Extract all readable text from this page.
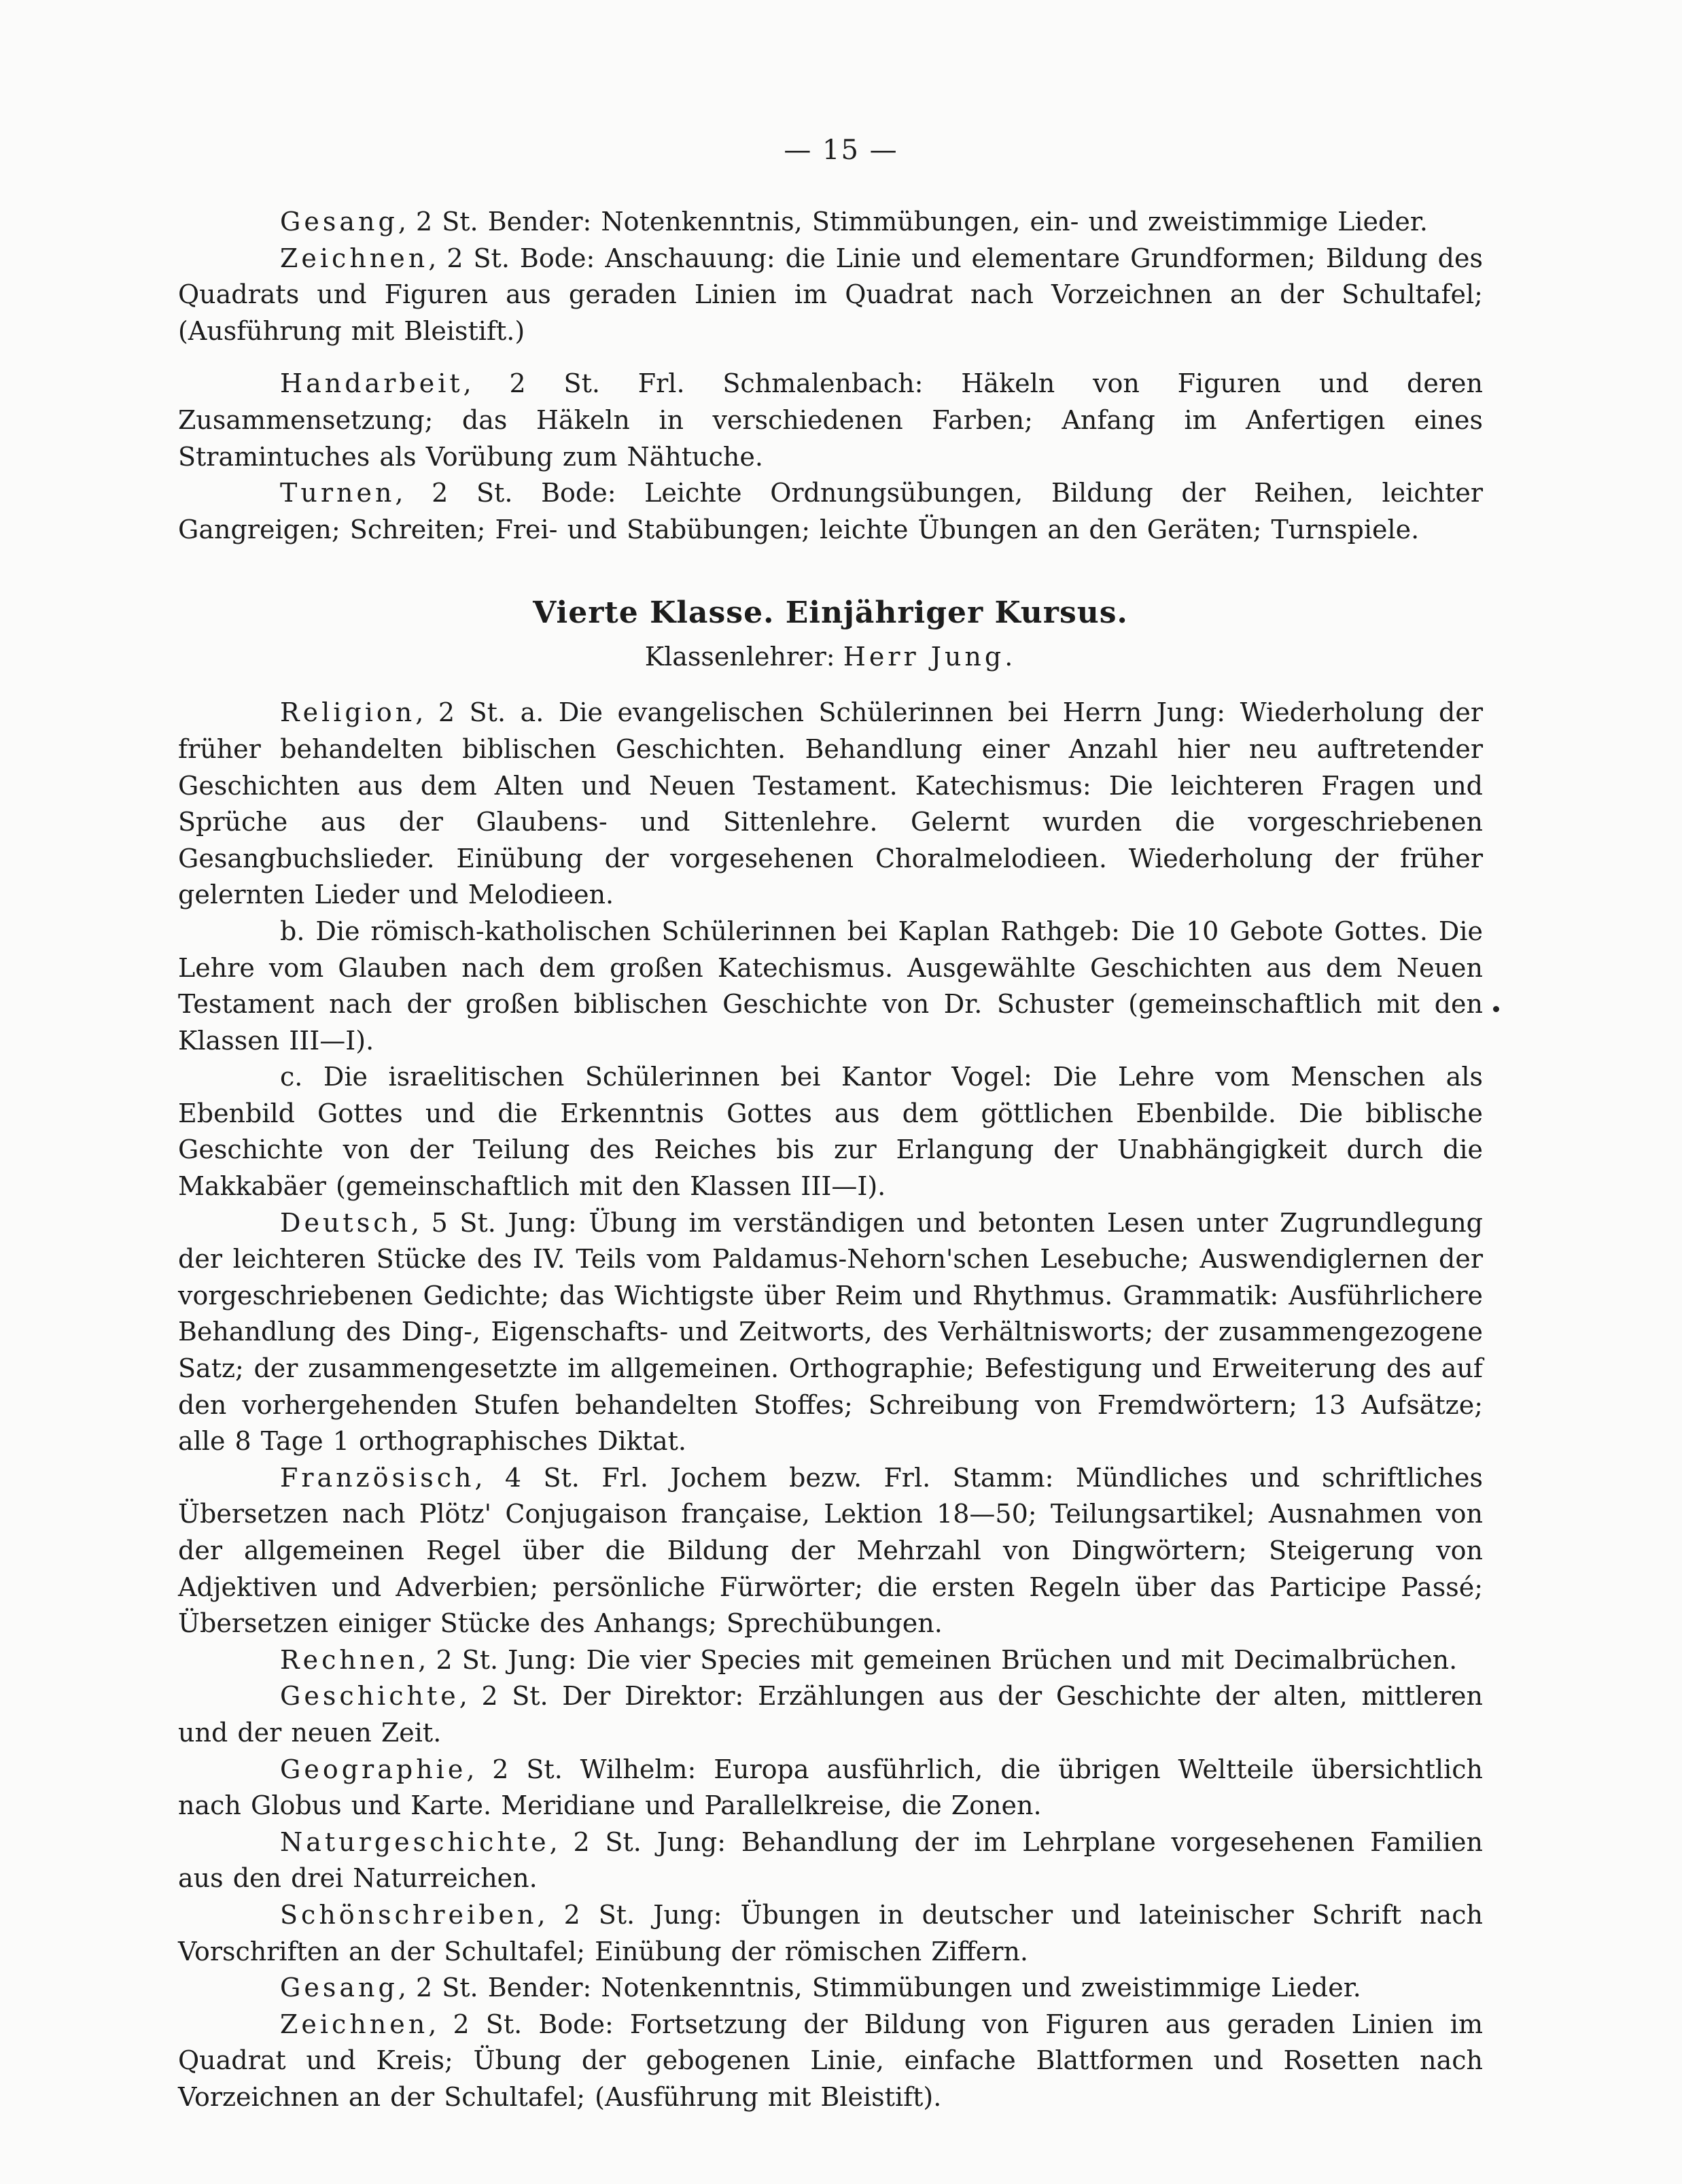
— 15 —

Gesang, 2 St. Bender: Notenkenntnis, Stimmübungen, ein- und zweistimmige Lieder.

Zeichnen, 2 St. Bode: Anschauung: die Linie und elementare Grundformen; Bildung des Quadrats und Figuren aus geraden Linien im Quadrat nach Vorzeichnen an der Schultafel; (Ausführung mit Bleistift.)

Handarbeit, 2 St. Frl. Schmalenbach: Häkeln von Figuren und deren Zusammensetzung; das Häkeln in verschiedenen Farben; Anfang im Anfertigen eines Stramintuches als Vorübung zum Nähtuche.

Turnen, 2 St. Bode: Leichte Ordnungsübungen, Bildung der Reihen, leichter Gangreigen; Schreiten; Frei- und Stabübungen; leichte Übungen an den Geräten; Turnspiele.

Vierte Klasse. Einjähriger Kursus.

Klassenlehrer: Herr Jung.

Religion, 2 St. a. Die evangelischen Schülerinnen bei Herrn Jung: Wiederholung der früher behandelten biblischen Geschichten. Behandlung einer Anzahl hier neu auftretender Geschichten aus dem Alten und Neuen Testament. Katechismus: Die leichteren Fragen und Sprüche aus der Glaubens- und Sittenlehre. Gelernt wurden die vorgeschriebenen Gesangbuchslieder. Einübung der vorgesehenen Choralmelodieen. Wiederholung der früher gelernten Lieder und Melodieen.

b. Die römisch-katholischen Schülerinnen bei Kaplan Rathgeb: Die 10 Gebote Gottes. Die Lehre vom Glauben nach dem großen Katechismus. Ausgewählte Geschichten aus dem Neuen Testament nach der großen biblischen Geschichte von Dr. Schuster (gemeinschaftlich mit den Klassen III—I).

c. Die israelitischen Schülerinnen bei Kantor Vogel: Die Lehre vom Menschen als Ebenbild Gottes und die Erkenntnis Gottes aus dem göttlichen Ebenbilde. Die biblische Geschichte von der Teilung des Reiches bis zur Erlangung der Unabhängigkeit durch die Makkabäer (gemeinschaftlich mit den Klassen III—I).

Deutsch, 5 St. Jung: Übung im verständigen und betonten Lesen unter Zugrundlegung der leichteren Stücke des IV. Teils vom Paldamus-Nehorn'schen Lesebuche; Auswendiglernen der vorgeschriebenen Gedichte; das Wichtigste über Reim und Rhythmus. Grammatik: Ausführlichere Behandlung des Ding-, Eigenschafts- und Zeitworts, des Verhältnisworts; der zusammengezogene Satz; der zusammengesetzte im allgemeinen. Orthographie; Befestigung und Erweiterung des auf den vorhergehenden Stufen behandelten Stoffes; Schreibung von Fremdwörtern; 13 Aufsätze; alle 8 Tage 1 orthographisches Diktat.

Französisch, 4 St. Frl. Jochem bezw. Frl. Stamm: Mündliches und schriftliches Übersetzen nach Plötz' Conjugaison française, Lektion 18—50; Teilungsartikel; Ausnahmen von der allgemeinen Regel über die Bildung der Mehrzahl von Dingwörtern; Steigerung von Adjektiven und Adverbien; persönliche Fürwörter; die ersten Regeln über das Participe Passé; Übersetzen einiger Stücke des Anhangs; Sprechübungen.

Rechnen, 2 St. Jung: Die vier Species mit gemeinen Brüchen und mit Decimalbrüchen.

Geschichte, 2 St. Der Direktor: Erzählungen aus der Geschichte der alten, mittleren und der neuen Zeit.

Geographie, 2 St. Wilhelm: Europa ausführlich, die übrigen Weltteile übersichtlich nach Globus und Karte. Meridiane und Parallelkreise, die Zonen.

Naturgeschichte, 2 St. Jung: Behandlung der im Lehrplane vorgesehenen Familien aus den drei Naturreichen.

Schönschreiben, 2 St. Jung: Übungen in deutscher und lateinischer Schrift nach Vorschriften an der Schultafel; Einübung der römischen Ziffern.

Gesang, 2 St. Bender: Notenkenntnis, Stimmübungen und zweistimmige Lieder.

Zeichnen, 2 St. Bode: Fortsetzung der Bildung von Figuren aus geraden Linien im Quadrat und Kreis; Übung der gebogenen Linie, einfache Blattformen und Rosetten nach Vorzeichnen an der Schultafel; (Ausführung mit Bleistift).
